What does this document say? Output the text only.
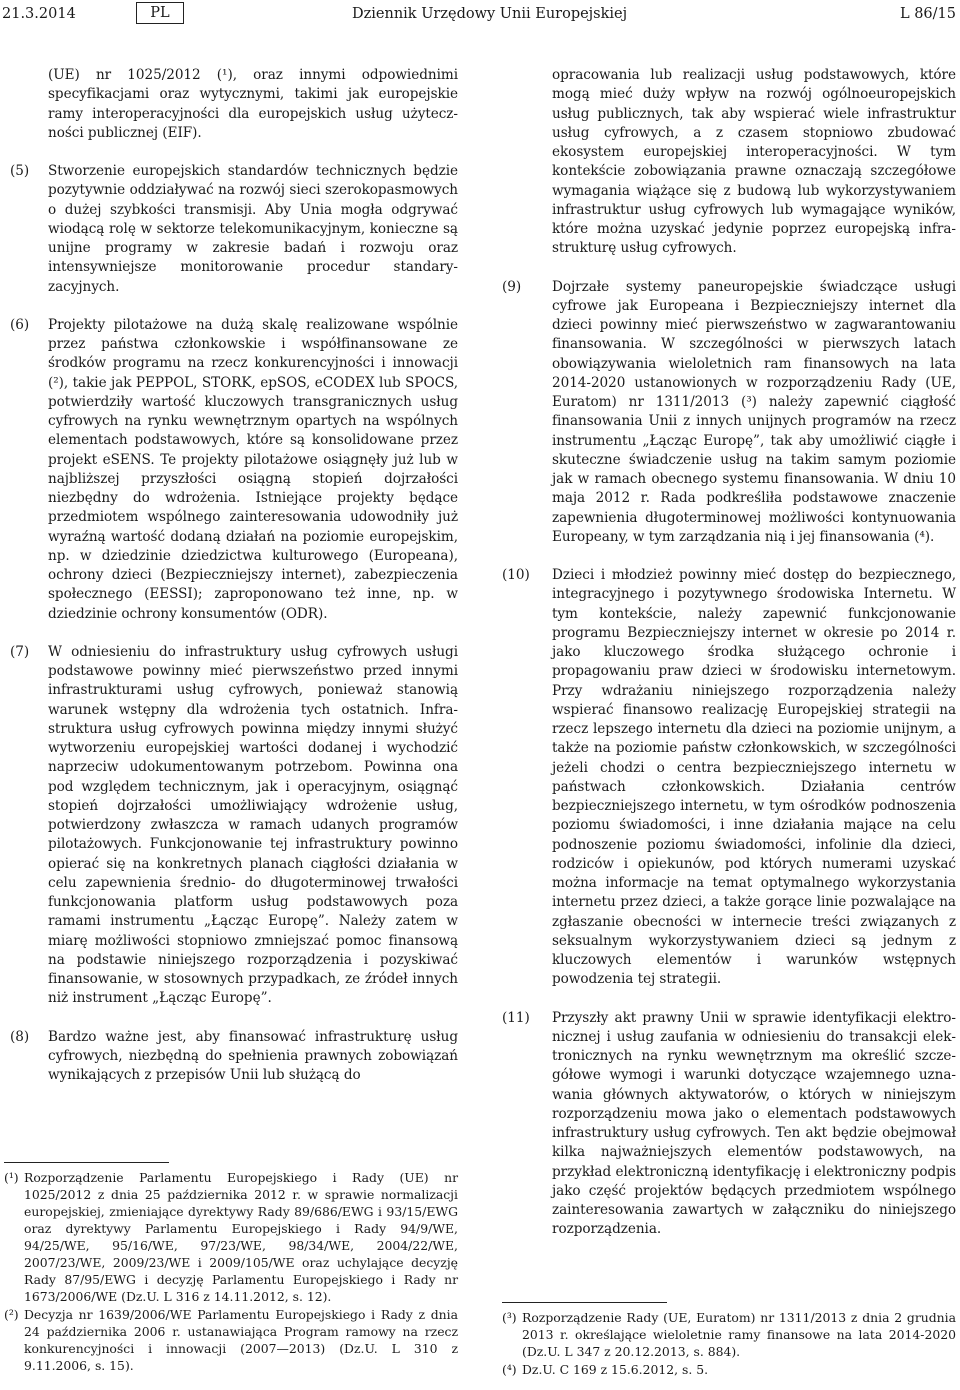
21.3.2014	PL	Dziennik Urzędowy Unii Europejskiej	L 86/15
(UE) nr 1025/2012 (¹), oraz innymi odpowiednimi specyfikacjami oraz wytycznymi, takimi jak europejskie ramy interoperacyjności dla europejskich usług użyteczności publicznej (EIF).
(5) Stworzenie europejskich standardów technicznych będzie pozytywnie oddziaływać na rozwój sieci szerokopasmowych o dużej szybkości transmisji. Aby Unia mogła odgrywać wiodącą rolę w sektorze telekomunikacyjnym, konieczne są unijne programy w zakresie badań i rozwoju oraz intensywniejsze monitorowanie procedur standaryzacyjnych.
(6) Projekty pilotażowe na dużą skalę realizowane wspólnie przez państwa członkowskie i współfinansowane ze środków programu na rzecz konkurencyjności i innowacji (²), takie jak PEPPOL, STORK, epSOS, eCODEX lub SPOCS, potwierdziły wartość kluczowych transgranicznych usług cyfrowych na rynku wewnętrznym opartych na wspólnych elementach podstawowych, które są konsolidowane przez projekt eSENS. Te projekty pilotażowe osiągnęły już lub w najbliższej przyszłości osiągną stopień dojrzałości niezbędny do wdrożenia. Istniejące projekty będące przedmiotem wspólnego zainteresowania udowodniły już wyraźną wartość dodaną działań na poziomie europejskim, np. w dziedzinie dziedzictwa kulturowego (Europeana), ochrony dzieci (Bezpieczniejszy internet), zabezpieczenia społecznego (EESSI); zaproponowano też inne, np. w dziedzinie ochrony konsumentów (ODR).
(7) W odniesieniu do infrastruktury usług cyfrowych usługi podstawowe powinny mieć pierwszeństwo przed innymi infrastrukturami usług cyfrowych, ponieważ stanowią warunek wstępny dla wdrożenia tych ostatnich. Infrastruktura usług cyfrowych powinna między innymi służyć wytworzeniu europejskiej wartości dodanej i wychodzić naprzeciw udokumentowanym potrzebom. Powinna ona pod względem technicznym, jak i operacyjnym, osiągnąć stopień dojrzałości umożliwiający wdrożenie usług, potwierdzony zwłaszcza w ramach udanych programów pilotażowych. Funkcjonowanie tej infrastruktury powinno opierać się na konkretnych planach ciągłości działania w celu zapewnienia średnio- do długoterminowej trwałości funkcjonowania platform usług podstawowych poza ramami instrumentu „Łącząc Europę”. Należy zatem w miarę możliwości stopniowo zmniejszać pomoc finansową na podstawie niniejszego rozporządzenia i pozyskiwać finansowanie, w stosownych przypadkach, ze źródeł innych niż instrument „Łącząc Europę”.
(8) Bardzo ważne jest, aby finansować infrastrukturę usług cyfrowych, niezbędną do spełnienia prawnych zobowiązań wynikających z przepisów Unii lub służącą do
(¹) Rozporządzenie Parlamentu Europejskiego i Rady (UE) nr 1025/2012 z dnia 25 października 2012 r. w sprawie normalizacji europejskiej, zmieniające dyrektywy Rady 89/686/EWG i 93/15/EWG oraz dyrektywy Parlamentu Europejskiego i Rady 94/9/WE, 94/25/WE, 95/16/WE, 97/23/WE, 98/34/WE, 2004/22/WE, 2007/23/WE, 2009/23/WE i 2009/105/WE oraz uchylające decyzję Rady 87/95/EWG i decyzję Parlamentu Europejskiego i Rady nr 1673/2006/WE (Dz.U. L 316 z 14.11.2012, s. 12).
(²) Decyzja nr 1639/2006/WE Parlamentu Europejskiego i Rady z dnia 24 października 2006 r. ustanawiająca Program ramowy na rzecz konkurencyjności i innowacji (2007—2013) (Dz.U. L 310 z 9.11.2006, s. 15).
opracowania lub realizacji usług podstawowych, które mogą mieć duży wpływ na rozwój ogólnoeuropejskich usług publicznych, tak aby wspierać wiele infrastruktur usług cyfrowych, a z czasem stopniowo zbudować ekosystem europejskiej interoperacyjności. W tym kontekście zobowiązania prawne oznaczają szczegółowe wymagania wiążące się z budową lub wykorzystywaniem infrastruktur usług cyfrowych lub wymagające wyników, które można uzyskać jedynie poprzez europejską infrastrukturę usług cyfrowych.
(9) Dojrzałe systemy paneuropejskie świadczące usługi cyfrowe jak Europeana i Bezpieczniejszy internet dla dzieci powinny mieć pierwszeństwo w zagwarantowaniu finansowania. W szczególności w pierwszych latach obowiązywania wieloletnich ram finansowych na lata 2014-2020 ustanowionych w rozporządzeniu Rady (UE, Euratom) nr 1311/2013 (³) należy zapewnić ciągłość finansowania Unii z innych unijnych programów na rzecz instrumentu „Łącząc Europę”, tak aby umożliwić ciągłe i skuteczne świadczenie usług na takim samym poziomie jak w ramach obecnego systemu finansowania. W dniu 10 maja 2012 r. Rada podkreśliła podstawowe znaczenie zapewnienia długoterminowej możliwości kontynuowania Europeany, w tym zarządzania nią i jej finansowania (⁴).
(10) Dzieci i młodzież powinny mieć dostęp do bezpiecznego, integracyjnego i pozytywnego środowiska Internetu. W tym kontekście, należy zapewnić funkcjonowanie programu Bezpieczniejszy internet w okresie po 2014 r. jako kluczowego środka służącego ochronie i propagowaniu praw dzieci w środowisku internetowym. Przy wdrażaniu niniejszego rozporządzenia należy wspierać finansowo realizację Europejskiej strategii na rzecz lepszego internetu dla dzieci na poziomie unijnym, a także na poziomie państw członkowskich, w szczególności jeżeli chodzi o centra bezpieczniejszego internetu w państwach członkowskich. Działania centrów bezpieczniejszego internetu, w tym ośrodków podnoszenia poziomu świadomości, i inne działania mające na celu podnoszenie poziomu świadomości, infolinie dla dzieci, rodziców i opiekunów, pod których numerami uzyskać można informacje na temat optymalnego wykorzystania internetu przez dzieci, a także gorące linie pozwalające na zgłaszanie obecności w internecie treści związanych z seksualnym wykorzystywaniem dzieci są jednym z kluczowych elementów i warunków wstępnych powodzenia tej strategii.
(11) Przyszły akt prawny Unii w sprawie identyfikacji elektronicznej i usług zaufania w odniesieniu do transakcji elektronicznych na rynku wewnętrznym ma określić szczegółowe wymogi i warunki dotyczące wzajemnego uznawania głównych aktywatorów, o których w niniejszym rozporządzeniu mowa jako o elementach podstawowych infrastruktury usług cyfrowych. Ten akt będzie obejmował kilka najważniejszych elementów podstawowych, na przykład elektroniczną identyfikację i elektroniczny podpis jako część projektów będących przedmiotem wspólnego zainteresowania zawartych w załączniku do niniejszego rozporządzenia.
(³) Rozporządzenie Rady (UE, Euratom) nr 1311/2013 z dnia 2 grudnia 2013 r. określające wieloletnie ramy finansowe na lata 2014-2020 (Dz.U. L 347 z 20.12.2013, s. 884).
(⁴) Dz.U. C 169 z 15.6.2012, s. 5.
